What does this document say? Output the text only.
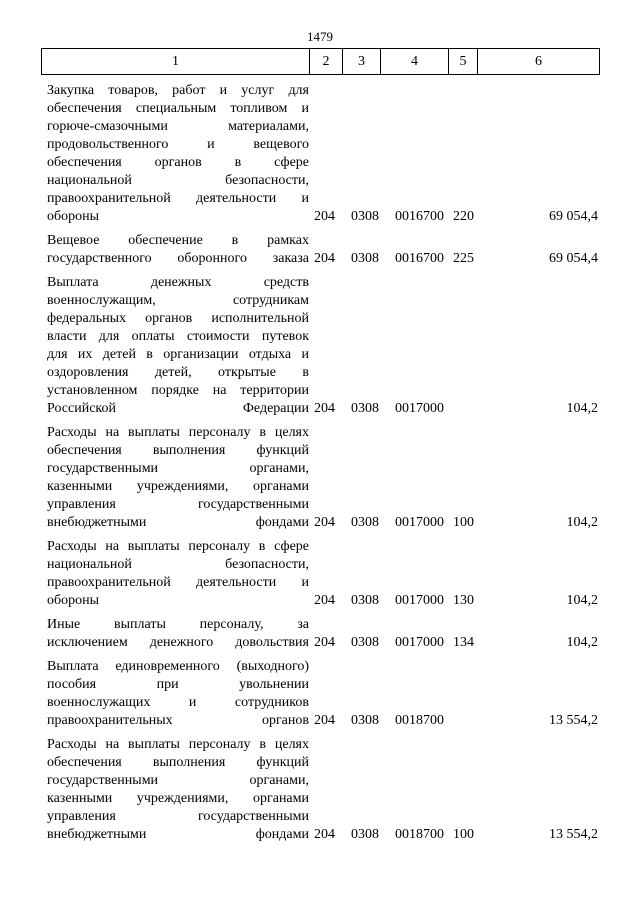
1479
1	2	3	4	5	6
Закупка товаров, работ и услуг для
обеспечения специальным топливом и
горюче-смазочными материалами,
продовольственного и вещевого
обеспечения органов в сфере
национальной безопасности,
правоохранительной деятельности и
обороны	204 0308 0016700 220	69 054,4
Вещевое обеспечение в рамках
государственного оборонного заказа 204 0308 0016700 225	69 054,4
Выплата денежных средств
военнослужащим, сотрудникам
федеральных органов исполнительной
власти для оплаты стоимости путевок
для их детей в организации отдыха и
оздоровления детей, открытые в
установленном порядке на территории
Российской Федерации 204 0308 0017000	104,2
Расходы на выплаты персоналу в целях
обеспечения выполнения функций
государственными органами,
казенными учреждениями, органами
управления государственными
внебюджетными фондами 204 0308 0017000 100	104,2
Расходы на выплаты персоналу в сфере
национальной безопасности,
правоохранительной деятельности и
обороны	204 0308 0017000 130	104,2
Иные выплаты персоналу, за
исключением денежного довольствия 204 0308 0017000 134	104,2
Выплата единовременного (выходного)
пособия при увольнении
военнослужащих и сотрудников
правоохранительных органов 204 0308 0018700	13 554,2
Расходы на выплаты персоналу в целях
обеспечения выполнения функций
государственными органами,
казенными учреждениями, органами
управления государственными
внебюджетными фондами 204 0308 0018700 100	13 554,2
